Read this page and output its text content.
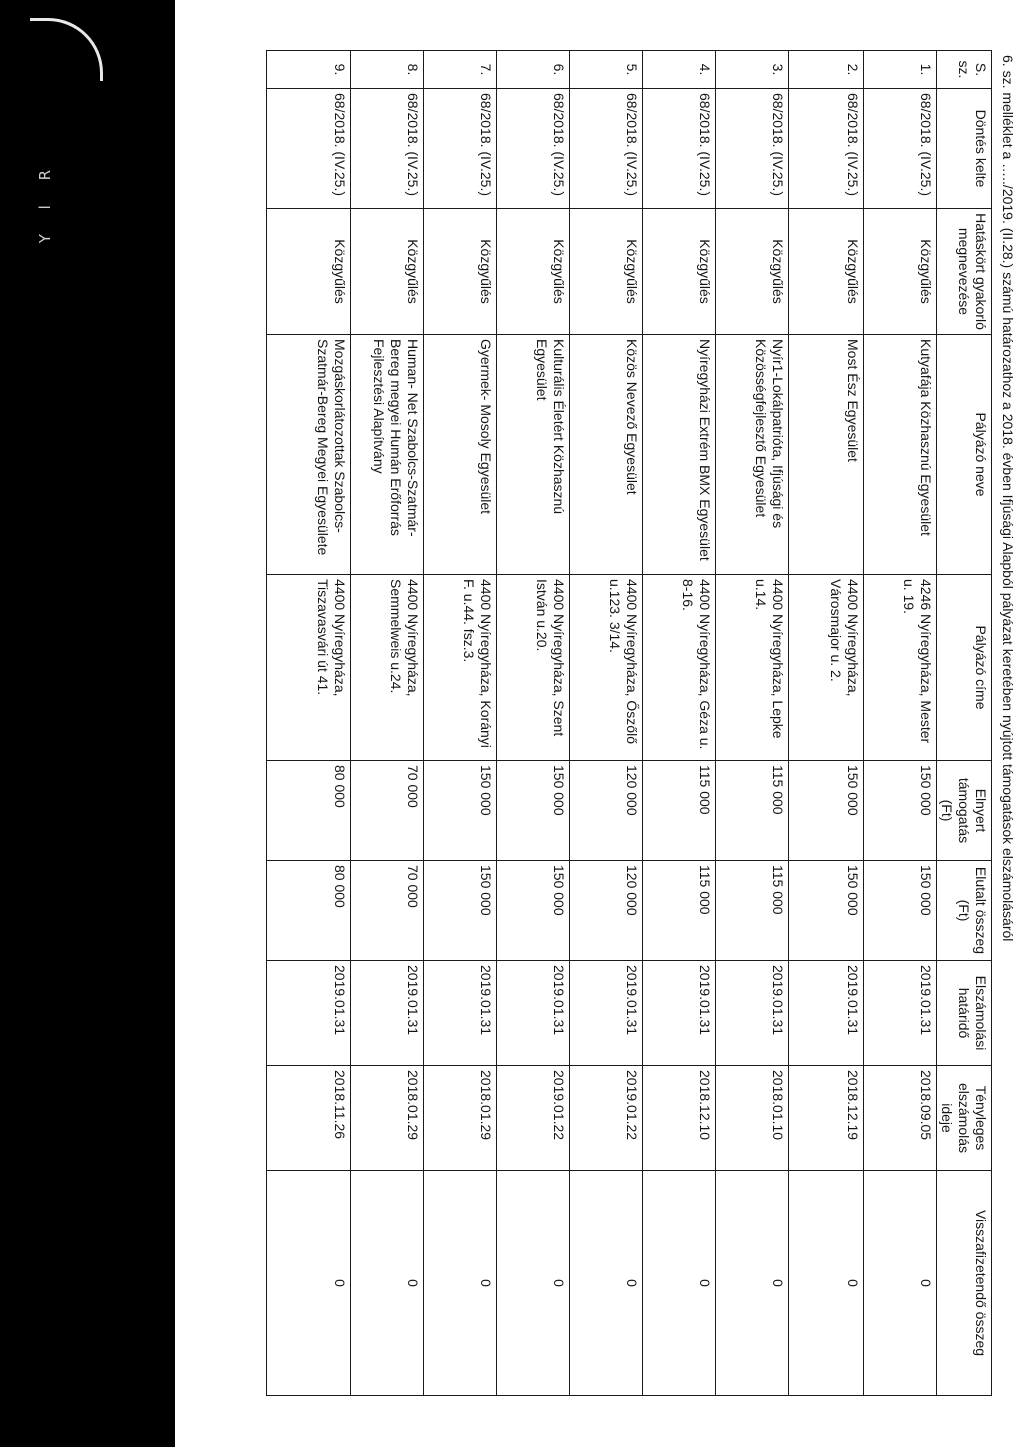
Y l R	6. sz. melléklet a …../2019. (II.28.) számú határozathoz a 2018. évben Ifjúsági Alapból pályázat keretében nyújtott támogatások elszámolásáról
S. sz.	Döntés kelte	Hatáskört gyakorló megnevezése	Pályázó neve	Pályázó címe	Elnyert támogatás (Ft)	Elutalt összeg (Ft)	Elszámolási határidő	Tényleges elszámolás ideje	Visszafizetendő összeg
1.	68/2018. (IV.25.)	Közgyűlés	Kutyafája Közhasznú Egyesület	4246 Nyíregyháza, Mester u. 19.	150 000	150 000	2019.01.31	2018.09.05	0
2.	68/2018. (IV.25.)	Közgyűlés	Most Ész Egyesület	4400 Nyíregyháza, Városmajor u. 2.	150 000	150 000	2019.01.31	2018.12.19	0
3.	68/2018. (IV.25.)	Közgyűlés	Nyír1-Lokálpatrióta, Ifjúsági és Közösségfejlesztő Egyesület	4400 Nyíregyháza, Lepke u.14.	115 000	115 000	2019.01.31	2018.01.10	0
4.	68/2018. (IV.25.)	Közgyűlés	Nyíregyházi Extrém BMX Egyesület	4400 Nyíregyháza, Géza u. 8-16.	115 000	115 000	2019.01.31	2018.12.10	0
5.	68/2018. (IV.25.)	Közgyűlés	Közös Nevező Egyesület	4400 Nyíregyháza, Őszőlő u.123. 3/14.	120 000	120 000	2019.01.31	2019.01.22	0
6.	68/2018. (IV.25.)	Közgyűlés	Kulturális Életért Közhasznú Egyesület	4400 Nyíregyháza, Szent István u.20.	150 000	150 000	2019.01.31	2019.01.22	0
7.	68/2018. (IV.25.)	Közgyűlés	Gyermek- Mosoly Egyesület	4400 Nyíregyháza, Korányi F. u.44. fsz.3.	150 000	150 000	2019.01.31	2018.01.29	0
8.	68/2018. (IV.25.)	Közgyűlés	Human- Net Szabolcs-Szatmár-Bereg megyei Humán Erőforrás Fejlesztési Alapítvány	4400 Nyíregyháza, Semmelweis u.24.	70 000	70 000	2019.01.31	2018.01.29	0
9.	68/2018. (IV.25.)	Közgyűlés	Mozgáskorlátozottak Szabolcs-Szatmár-Bereg Megyei Egyesülete	4400 Nyíregyháza, Tiszavasvári út 41.	80 000	80 000	2019.01.31	2018.11.26	0
